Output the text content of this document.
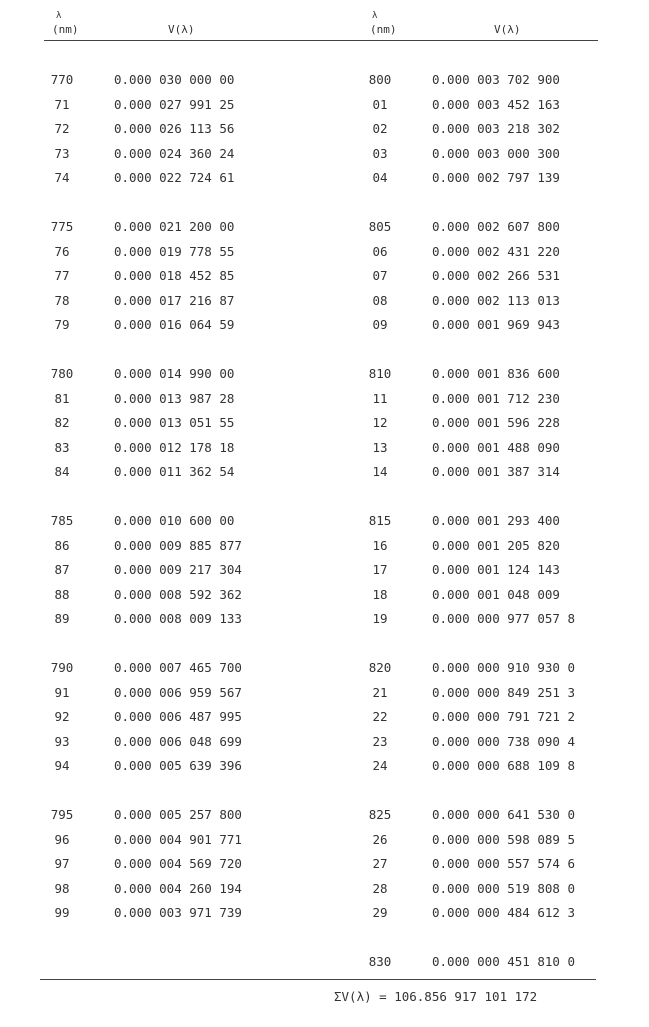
λ
(nm)	V(λ)
λ
(nm)	V(λ)
770	0.000 030 000 00
71	0.000 027 991 25
72	0.000 026 113 56
73	0.000 024 360 24
74	0.000 022 724 61
775	0.000 021 200 00
76	0.000 019 778 55
77	0.000 018 452 85
78	0.000 017 216 87
79	0.000 016 064 59
780	0.000 014 990 00
81	0.000 013 987 28
82	0.000 013 051 55
83	0.000 012 178 18
84	0.000 011 362 54
785	0.000 010 600 00
86	0.000 009 885 877
87	0.000 009 217 304
88	0.000 008 592 362
89	0.000 008 009 133
790	0.000 007 465 700
91	0.000 006 959 567
92	0.000 006 487 995
93	0.000 006 048 699
94	0.000 005 639 396
795	0.000 005 257 800
96	0.000 004 901 771
97	0.000 004 569 720
98	0.000 004 260 194
99	0.000 003 971 739
800	0.000 003 702 900
01	0.000 003 452 163
02	0.000 003 218 302
03	0.000 003 000 300
04	0.000 002 797 139
805	0.000 002 607 800
06	0.000 002 431 220
07	0.000 002 266 531
08	0.000 002 113 013
09	0.000 001 969 943
810	0.000 001 836 600
11	0.000 001 712 230
12	0.000 001 596 228
13	0.000 001 488 090
14	0.000 001 387 314
815	0.000 001 293 400
16	0.000 001 205 820
17	0.000 001 124 143
18	0.000 001 048 009
19	0.000 000 977 057 8
820	0.000 000 910 930 0
21	0.000 000 849 251 3
22	0.000 000 791 721 2
23	0.000 000 738 090 4
24	0.000 000 688 109 8
825	0.000 000 641 530 0
26	0.000 000 598 089 5
27	0.000 000 557 574 6
28	0.000 000 519 808 0
29	0.000 000 484 612 3
830	0.000 000 451 810 0
ΣV(λ) = 106.856 917 101 172
